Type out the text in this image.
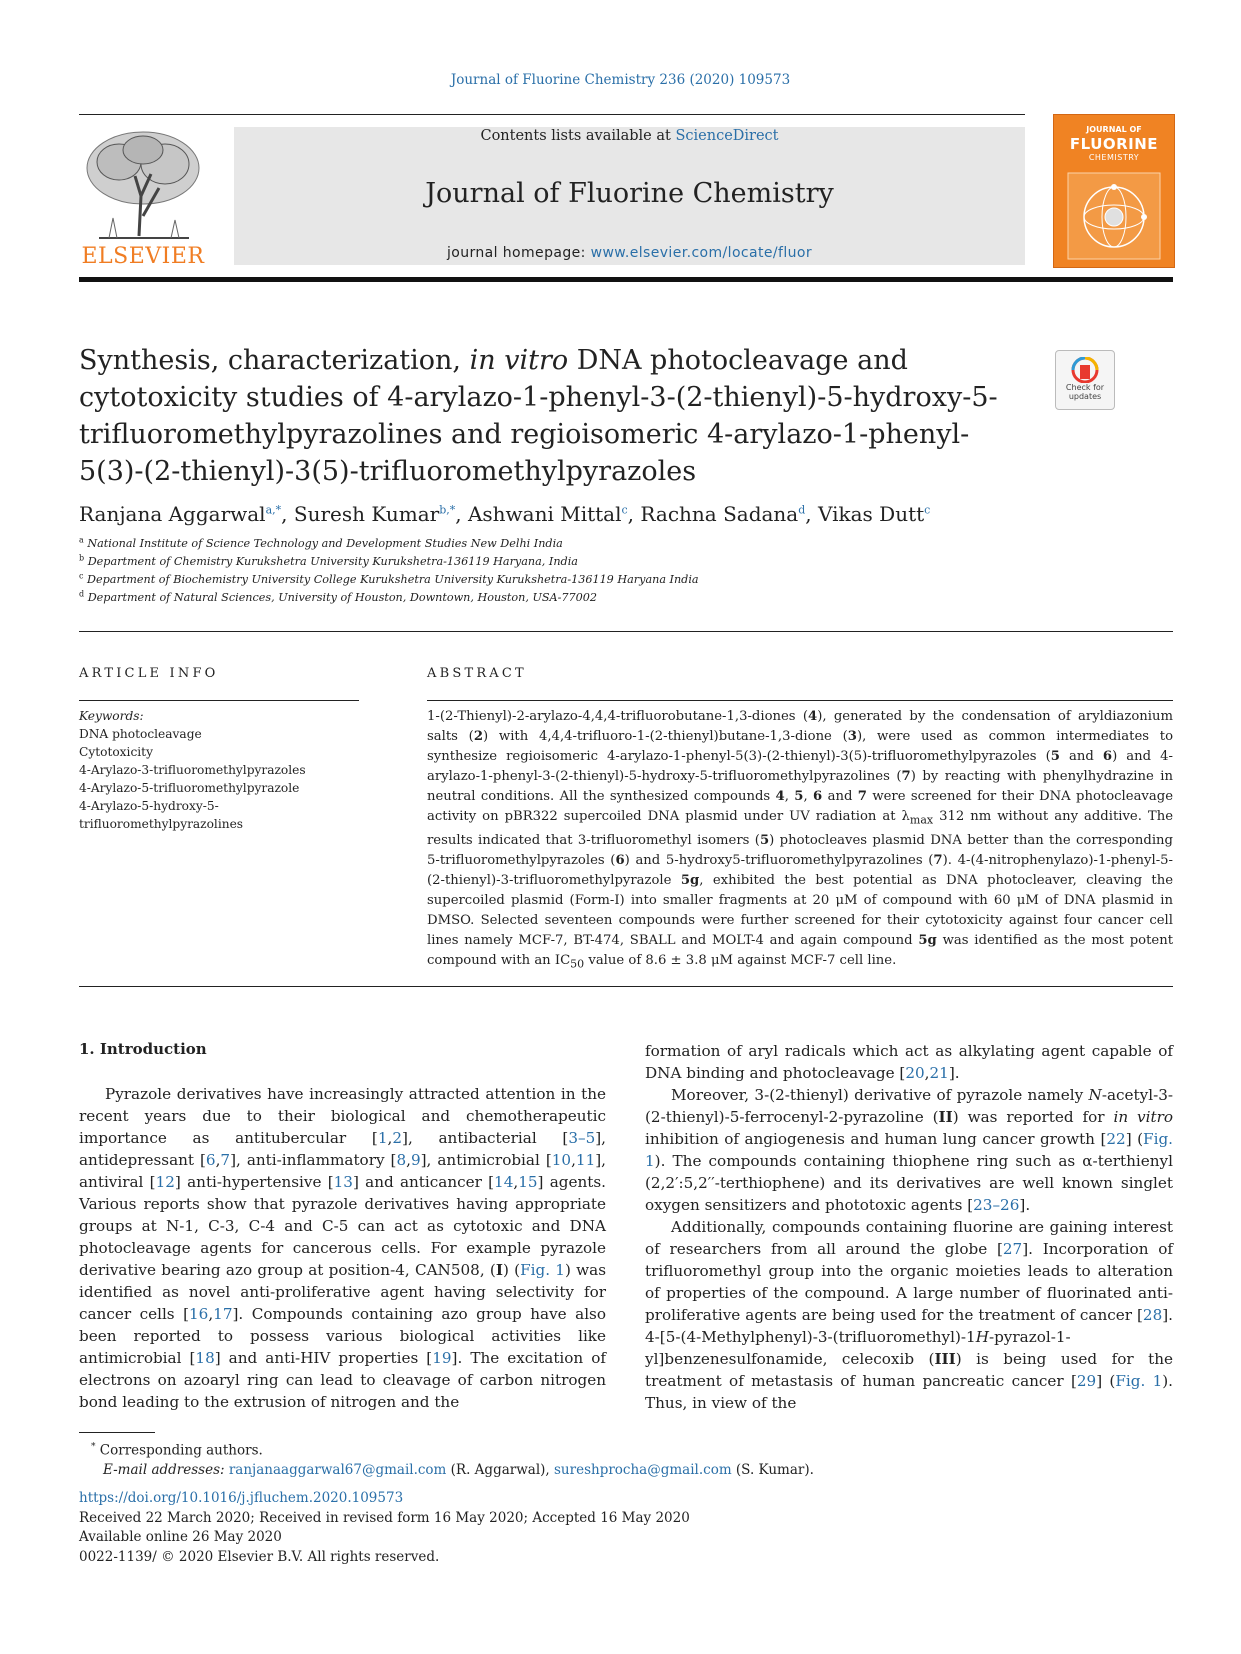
Journal of Fluorine Chemistry 236 (2020) 109573
ELSEVIER
Contents lists available at ScienceDirect
Journal of Fluorine Chemistry
journal homepage: www.elsevier.com/locate/fluor
JOURNAL OF
FLUORINE
CHEMISTRY
Synthesis, characterization, in vitro DNA photocleavage and cytotoxicity studies of 4-arylazo-1-phenyl-3-(2-thienyl)-5-hydroxy-5-trifluoromethylpyrazolines and regioisomeric 4-arylazo-1-phenyl-5(3)-(2-thienyl)-3(5)-trifluoromethylpyrazoles
Check for
updates
Ranjana Aggarwal$^{a,*}$, Suresh Kumar$^{b,*}$, Ashwani Mittal$^c$, Rachna Sadana$^d$, Vikas Dutt$^c$
$^a$ National Institute of Science Technology and Development Studies New Delhi India
$^b$ Department of Chemistry Kurukshetra University Kurukshetra-136119 Haryana, India
$^c$ Department of Biochemistry University College Kurukshetra University Kurukshetra-136119 Haryana India
$^d$ Department of Natural Sciences, University of Houston, Downtown, Houston, USA-77002
ARTICLE INFO	ABSTRACT
Keywords:
DNA photocleavage
Cytotoxicity
4-Arylazo-3-trifluoromethylpyrazoles
4-Arylazo-5-trifluoromethylpyrazole
4-Arylazo-5-hydroxy-5-
trifluoromethylpyrazolines
1-(2-Thienyl)-2-arylazo-4,4,4-trifluorobutane-1,3-diones (4), generated by the condensation of aryldiazonium salts (2) with 4,4,4-trifluoro-1-(2-thienyl)butane-1,3-dione (3), were used as common intermediates to synthesize regioisomeric 4-arylazo-1-phenyl-5(3)-(2-thienyl)-3(5)-trifluoromethylpyrazoles (5 and 6) and 4-arylazo-1-phenyl-3-(2-thienyl)-5-hydroxy-5-trifluoromethylpyrazolines (7) by reacting with phenylhydrazine in neutral conditions. All the synthesized compounds 4, 5, 6 and 7 were screened for their DNA photocleavage activity on pBR322 supercoiled DNA plasmid under UV radiation at $\lambda_{max}$ 312 nm without any additive. The results indicated that 3-trifluoromethyl isomers (5) photocleaves plasmid DNA better than the corresponding 5-trifluoromethylpyrazoles (6) and 5-hydroxy5-trifluoromethylpyrazolines (7). 4-(4-nitrophenylazo)-1-phenyl-5-(2-thienyl)-3-trifluoromethylpyrazole 5g, exhibited the best potential as DNA photocleaver, cleaving the supercoiled plasmid (Form-I) into smaller fragments at 20 μM of compound with 60 μM of DNA plasmid in DMSO. Selected seventeen compounds were further screened for their cytotoxicity against four cancer cell lines namely MCF-7, BT-474, SBALL and MOLT-4 and again compound 5g was identified as the most potent compound with an $IC_{50}$ value of 8.6 ± 3.8 μM against MCF-7 cell line.
1. Introduction

Pyrazole derivatives have increasingly attracted attention in the recent years due to their biological and chemotherapeutic importance as antitubercular [1,2], antibacterial [3–5], antidepressant [6,7], anti-inflammatory [8,9], antimicrobial [10,11], antiviral [12] anti-hypertensive [13] and anticancer [14,15] agents. Various reports show that pyrazole derivatives having appropriate groups at N-1, C-3, C-4 and C-5 can act as cytotoxic and DNA photocleavage agents for cancerous cells. For example pyrazole derivative bearing azo group at position-4, CAN508, (I) (Fig. 1) was identified as novel anti-proliferative agent having selectivity for cancer cells [16,17]. Compounds containing azo group have also been reported to possess various biological activities like antimicrobial [18] and anti-HIV properties [19]. The excitation of electrons on azoaryl ring can lead to cleavage of carbon nitrogen bond leading to the extrusion of nitrogen and the

formation of aryl radicals which act as alkylating agent capable of DNA binding and photocleavage [20,21].

Moreover, 3-(2-thienyl) derivative of pyrazole namely N-acetyl-3-(2-thienyl)-5-ferrocenyl-2-pyrazoline (II) was reported for in vitro inhibition of angiogenesis and human lung cancer growth [22] (Fig. 1). The compounds containing thiophene ring such as α-terthienyl (2,2′:5,2′′-terthiophene) and its derivatives are well known singlet oxygen sensitizers and phototoxic agents [23–26].

Additionally, compounds containing fluorine are gaining interest of researchers from all around the globe [27]. Incorporation of trifluoromethyl group into the organic moieties leads to alteration of properties of the compound. A large number of fluorinated anti-proliferative agents are being used for the treatment of cancer [28]. 4-[5-(4-Methylphenyl)-3-(trifluoromethyl)-1H-pyrazol-1-yl]benzenesulfonamide, celecoxib (III) is being used for the treatment of metastasis of human pancreatic cancer [29] (Fig. 1). Thus, in view of the

* Corresponding authors.
E-mail addresses: ranjanaaggarwal67@gmail.com (R. Aggarwal), sureshprocha@gmail.com (S. Kumar).
https://doi.org/10.1016/j.jfluchem.2020.109573
Received 22 March 2020; Received in revised form 16 May 2020; Accepted 16 May 2020
Available online 26 May 2020
0022-1139/ © 2020 Elsevier B.V. All rights reserved.
